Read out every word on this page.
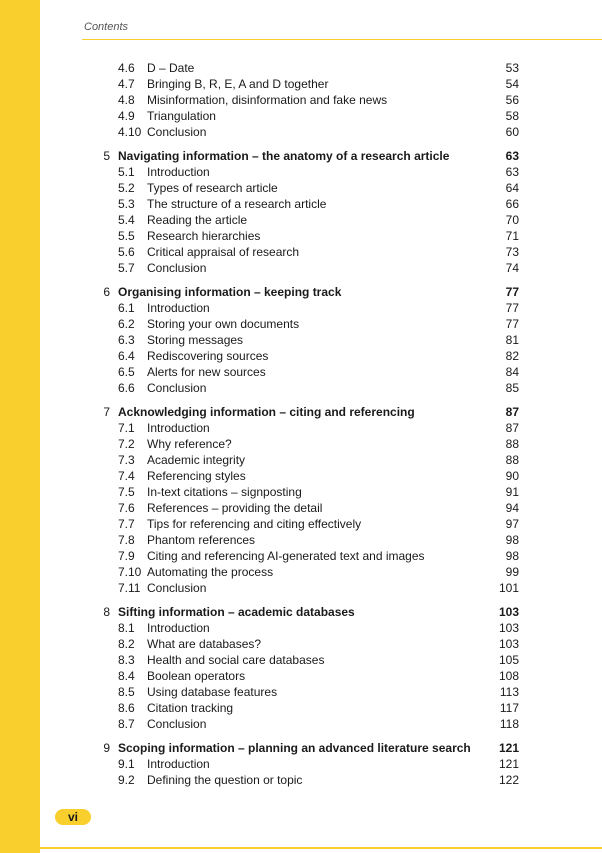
Contents
4.6	D – Date	53
4.7	Bringing B, R, E, A and D together	54
4.8	Misinformation, disinformation and fake news	56
4.9	Triangulation	58
4.10 Conclusion	60
5 Navigating information – the anatomy of a research article	63
5.1	Introduction	63
5.2	Types of research article	64
5.3	The structure of a research article	66
5.4	Reading the article	70
5.5	Research hierarchies	71
5.6	Critical appraisal of research	73
5.7	Conclusion	74
6 Organising information – keeping track	77
6.1	Introduction	77
6.2	Storing your own documents	77
6.3	Storing messages	81
6.4	Rediscovering sources	82
6.5	Alerts for new sources	84
6.6	Conclusion	85
7 Acknowledging information – citing and referencing	87
7.1	Introduction	87
7.2	Why reference?	88
7.3	Academic integrity	88
7.4	Referencing styles	90
7.5	In-text citations – signposting	91
7.6	References – providing the detail	94
7.7	Tips for referencing and citing effectively	97
7.8	Phantom references	98
7.9	Citing and referencing AI-generated text and images	98
7.10 Automating the process	99
7.11 Conclusion	101
8 Sifting information – academic databases	103
8.1	Introduction	103
8.2	What are databases?	103
8.3	Health and social care databases	105
8.4	Boolean operators	108
8.5	Using database features	113
8.6	Citation tracking	117
8.7	Conclusion	118
9 Scoping information – planning an advanced literature search	121
9.1	Introduction	121
9.2	Defining the question or topic	122
vi
